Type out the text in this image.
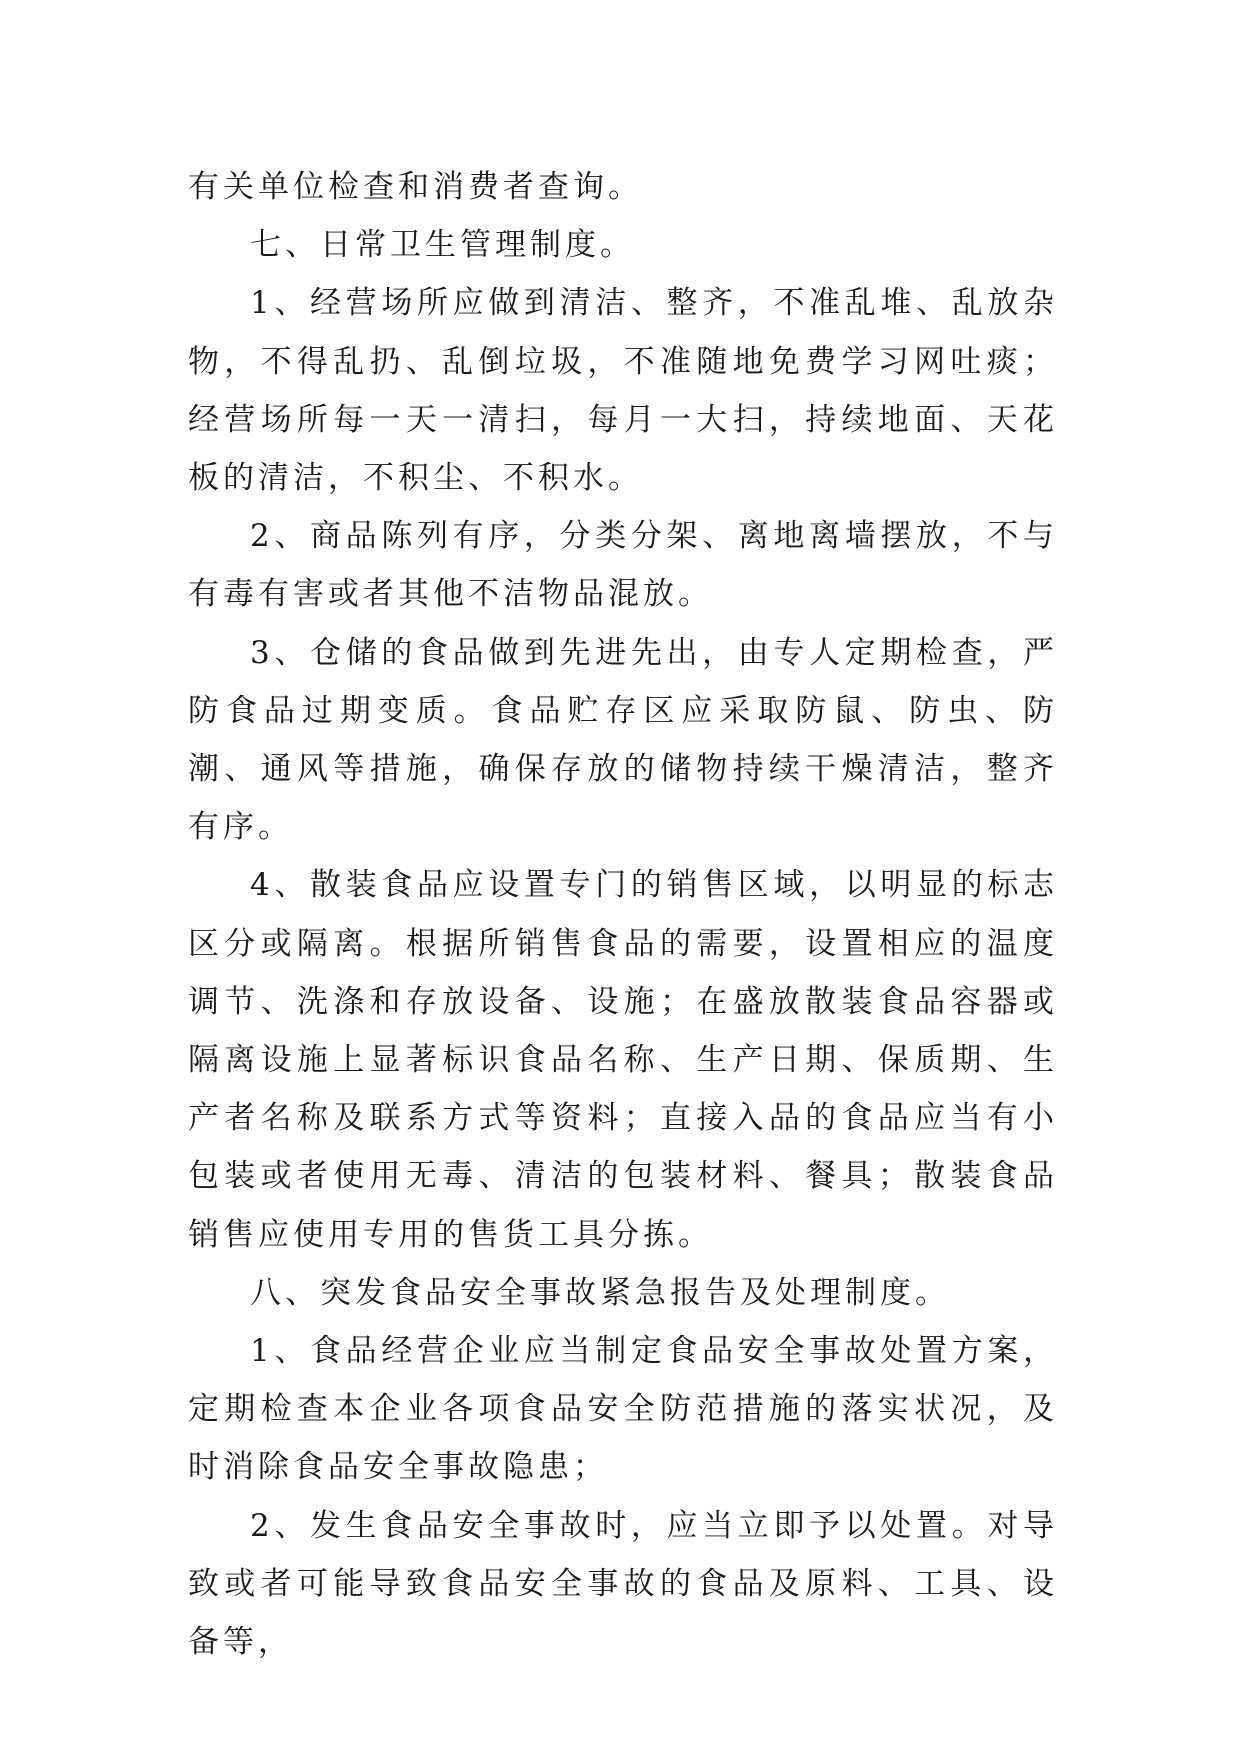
有关单位检查和消费者查询。

七、日常卫生管理制度。

1、经营场所应做到清洁、整齐，不准乱堆、乱放杂物，不得乱扔、乱倒垃圾，不准随地免费学习网吐痰；经营场所每一天一清扫，每月一大扫，持续地面、天花板的清洁，不积尘、不积水。

2、商品陈列有序，分类分架、离地离墙摆放，不与有毒有害或者其他不洁物品混放。

3、仓储的食品做到先进先出，由专人定期检查，严防食品过期变质。食品贮存区应采取防鼠、防虫、防潮、通风等措施，确保存放的储物持续干燥清洁，整齐有序。

4、散装食品应设置专门的销售区域，以明显的标志区分或隔离。根据所销售食品的需要，设置相应的温度调节、洗涤和存放设备、设施；在盛放散装食品容器或隔离设施上显著标识食品名称、生产日期、保质期、生产者名称及联系方式等资料；直接入品的食品应当有小包装或者使用无毒、清洁的包装材料、餐具；散装食品销售应使用专用的售货工具分拣。

八、突发食品安全事故紧急报告及处理制度。

1、食品经营企业应当制定食品安全事故处置方案，定期检查本企业各项食品安全防范措施的落实状况，及时消除食品安全事故隐患；

2、发生食品安全事故时，应当立即予以处置。对导致或者可能导致食品安全事故的食品及原料、工具、设备等，
